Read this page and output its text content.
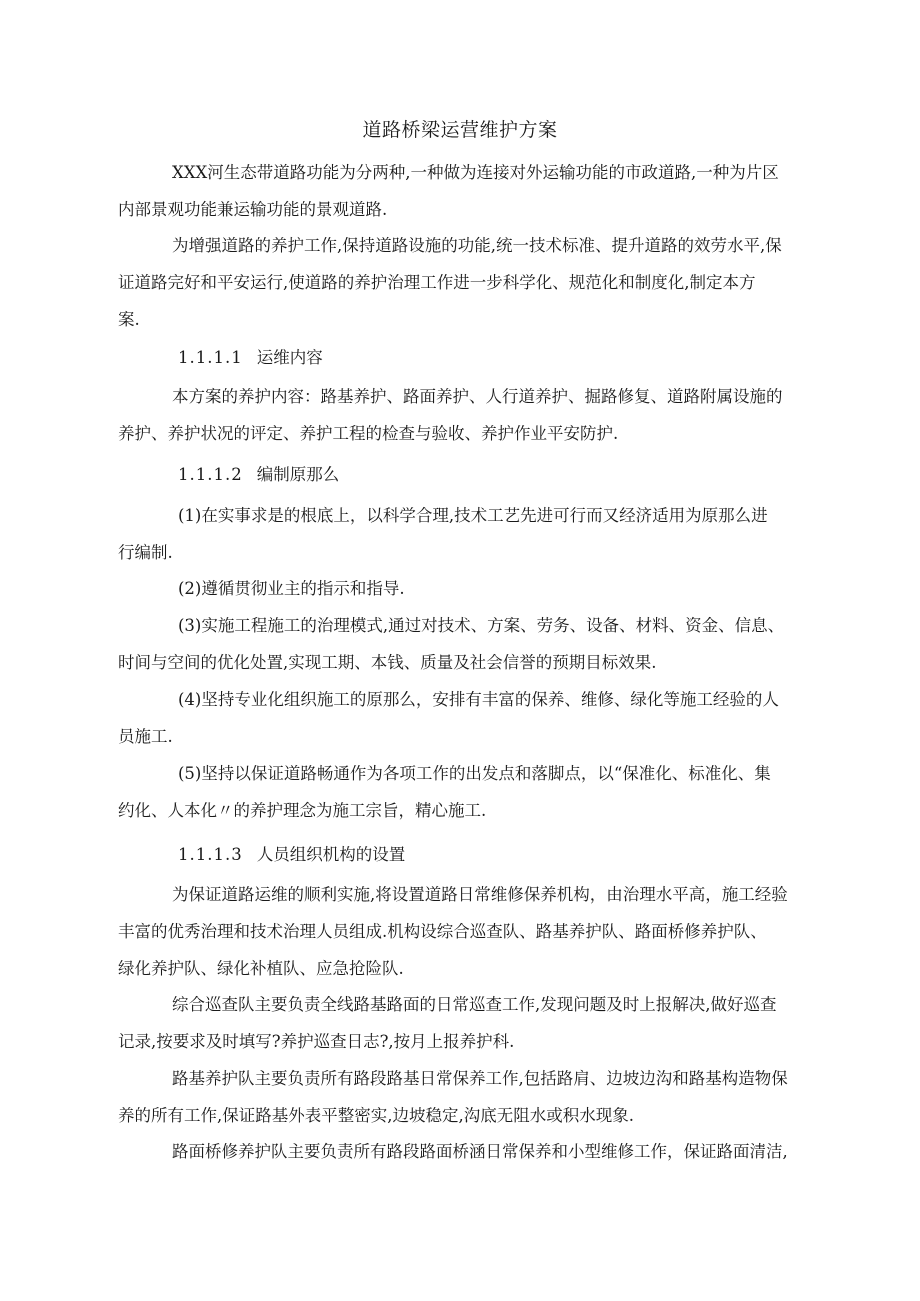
道路桥梁运营维护方案
XXX河生态带道路功能为分两种,一种做为连接对外运输功能的市政道路,一种为片区
内部景观功能兼运输功能的景观道路.
为增强道路的养护工作,保持道路设施的功能,统一技术标准、提升道路的效劳水平,保
证道路完好和平安运行,使道路的养护治理工作进一步科学化、规范化和制度化,制定本方
案.
1.1.1.1 运维内容
本方案的养护内容：路基养护、路面养护、人行道养护、掘路修复、道路附属设施的
养护、养护状况的评定、养护工程的检查与验收、养护作业平安防护.
1.1.1.2 编制原那么
(1)在实事求是的根底上，以科学合理,技术工艺先进可行而又经济适用为原那么进
行编制.
(2)遵循贯彻业主的指示和指导.
(3)实施工程施工的治理模式,通过对技术、方案、劳务、设备、材料、资金、信息、
时间与空间的优化处置,实现工期、本钱、质量及社会信誉的预期目标效果.
(4)坚持专业化组织施工的原那么，安排有丰富的保养、维修、绿化等施工经验的人
员施工.
(5)坚持以保证道路畅通作为各项工作的出发点和落脚点，以“保准化、标准化、集
约化、人本化〃的养护理念为施工宗旨，精心施工.
1.1.1.3 人员组织机构的设置
为保证道路运维的顺利实施,将设置道路日常维修保养机构，由治理水平高，施工经验
丰富的优秀治理和技术治理人员组成.机构设综合巡查队、路基养护队、路面桥修养护队、
绿化养护队、绿化补植队、应急抢险队.
综合巡查队主要负责全线路基路面的日常巡查工作,发现问题及时上报解决,做好巡查
记录,按要求及时填写?养护巡查日志?,按月上报养护科.
路基养护队主要负责所有路段路基日常保养工作,包括路肩、边坡边沟和路基构造物保
养的所有工作,保证路基外表平整密实,边坡稳定,沟底无阻水或积水现象.
路面桥修养护队主要负责所有路段路面桥涵日常保养和小型维修工作，保证路面清洁,
